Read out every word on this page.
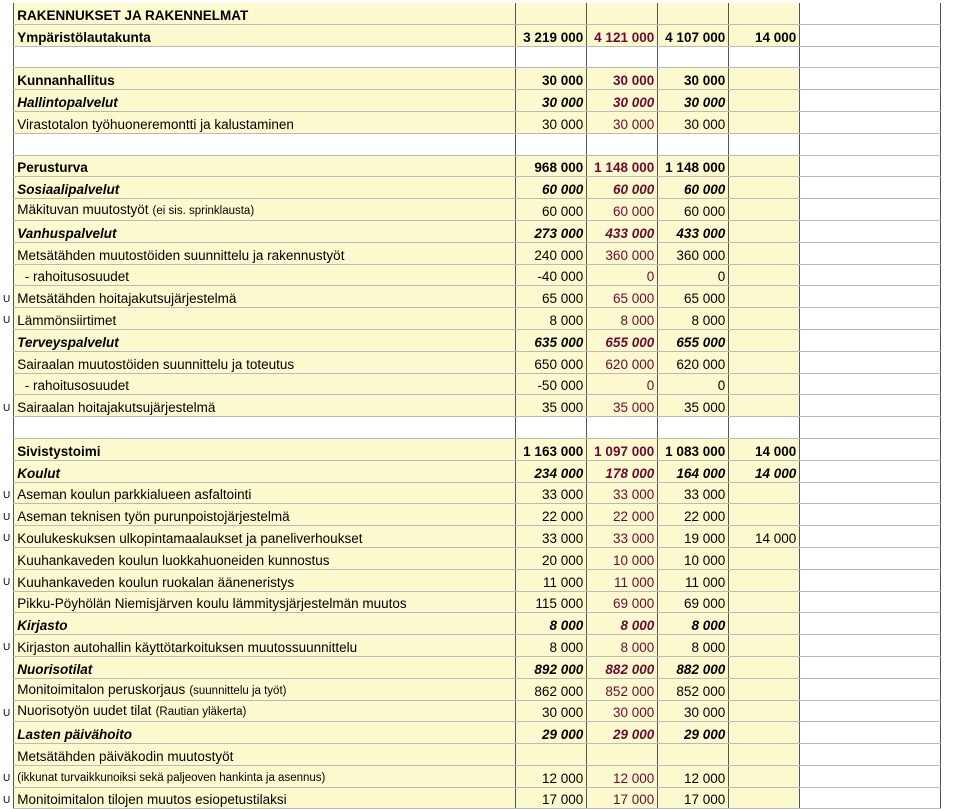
	RAKENNUKSET JA RAKENNELMAT					
	Ympäristölautakunta	3 219 000	4 121 000	4 107 000	14 000	

	Kunnanhallitus	30 000	30 000	30 000		
	Hallintopalvelut	30 000	30 000	30 000		
	Virastotalon työhuoneremontti ja kalustaminen	30 000	30 000	30 000		

	Perusturva	968 000	1 148 000	1 148 000		
	Sosiaalipalvelut	60 000	60 000	60 000		
	Mäkituvan muutostyöt (ei sis. sprinklausta)	60 000	60 000	60 000		
	Vanhuspalvelut	273 000	433 000	433 000		
	Metsätähden muutostöiden suunnittelu ja rakennustyöt	240 000	360 000	360 000		
	- rahoitusosuudet	-40 000	0	0		
U	Metsätähden hoitajakutsujärjestelmä	65 000	65 000	65 000		
U	Lämmönsiirtimet	8 000	8 000	8 000		
	Terveyspalvelut	635 000	655 000	655 000		
	Sairaalan muutostöiden suunnittelu ja toteutus	650 000	620 000	620 000		
	- rahoitusosuudet	-50 000	0	0		
U	Sairaalan hoitajakutsujärjestelmä	35 000	35 000	35 000		

	Sivistystoimi	1 163 000	1 097 000	1 083 000	14 000	
	Koulut	234 000	178 000	164 000	14 000	
U	Aseman koulun parkkialueen asfaltointi	33 000	33 000	33 000		
U	Aseman teknisen työn purunpoistojärjestelmä	22 000	22 000	22 000		
U	Koulukeskuksen ulkopintamaalaukset ja paneliverhoukset	33 000	33 000	19 000	14 000	
	Kuuhankaveden koulun luokkahuoneiden kunnostus	20 000	10 000	10 000		
U	Kuuhankaveden koulun ruokalan ääneneristys	11 000	11 000	11 000		
	Pikku-Pöyhölän Niemisjärven koulu lämmitysjärjestelmän muutos	115 000	69 000	69 000		
	Kirjasto	8 000	8 000	8 000		
U	Kirjaston autohallin käyttötarkoituksen muutossuunnittelu	8 000	8 000	8 000		
	Nuorisotilat	892 000	882 000	882 000		
	Monitoimitalon peruskorjaus (suunnittelu ja työt)	862 000	852 000	852 000		
U	Nuorisotyön uudet tilat (Rautian yläkerta)	30 000	30 000	30 000		
	Lasten päivähoito	29 000	29 000	29 000		
	Metsätähden päiväkodin muutostyöt					
U	(ikkunat turvaikkunoiksi sekä paljeoven hankinta ja asennus)	12 000	12 000	12 000		
U	Monitoimitalon tilojen muutos esiopetustilaksi	17 000	17 000	17 000		
